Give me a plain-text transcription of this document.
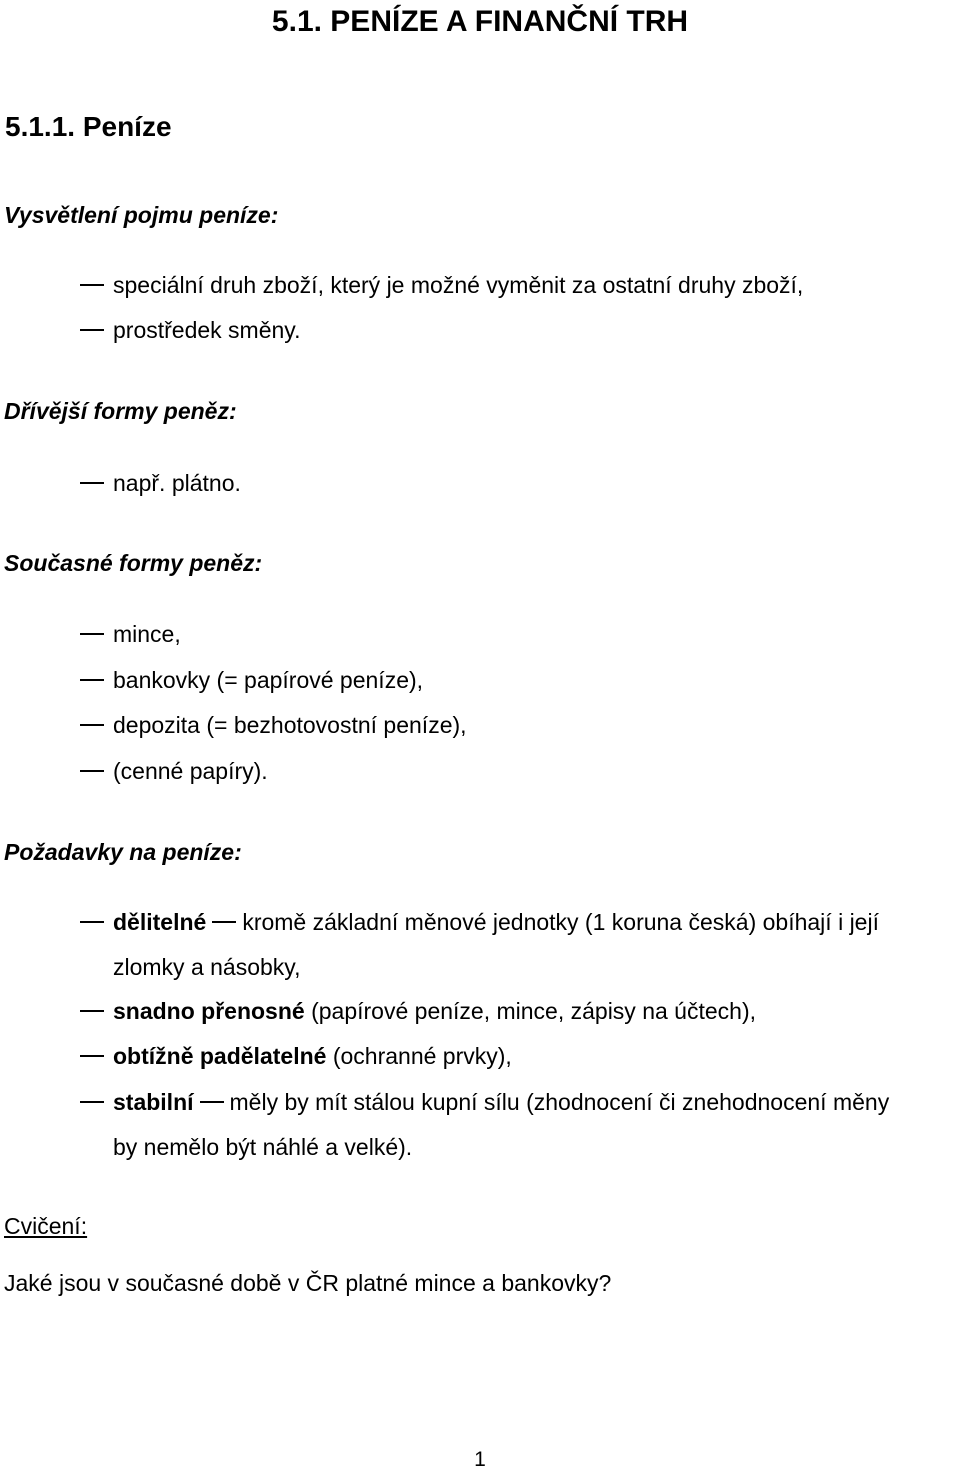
5.1. PENÍZE A FINANČNÍ TRH
5.1.1. Peníze
Vysvětlení pojmu peníze:
speciální druh zboží, který je možné vyměnit za ostatní druhy zboží,
prostředek směny.
Dřívější formy peněz:
např. plátno.
Současné formy peněz:
mince,
bankovky (= papírové peníze),
depozita (= bezhotovostní peníze),
(cenné papíry).
Požadavky na peníze:
dělitelné kromě základní měnové jednotky (1 koruna česká) obíhají i její
zlomky a násobky,
snadno přenosné (papírové peníze, mince, zápisy na účtech),
obtížně padělatelné (ochranné prvky),
stabilní měly by mít stálou kupní sílu (zhodnocení či znehodnocení měny
by nemělo být náhlé a velké).
Cvičení:
Jaké jsou v současné době v ČR platné mince a bankovky?
1
